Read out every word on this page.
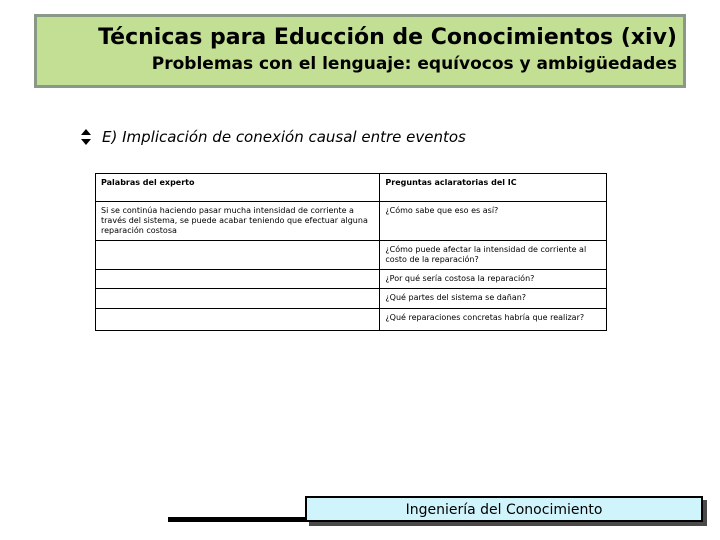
Técnicas para Educción de Conocimientos (xiv)
Problemas con el lenguaje: equívocos y ambigüedades
E) Implicación de conexión causal entre eventos
Palabras del experto	Preguntas aclaratorias del IC
Si se continúa haciendo pasar mucha intensidad de corriente a través del sistema, se puede acabar teniendo que efectuar alguna reparación costosa	¿Cómo sabe que eso es así?
	¿Cómo puede afectar la intensidad de corriente al costo de la reparación?
	¿Por qué sería costosa la reparación?
	¿Qué partes del sistema se dañan?
	¿Qué reparaciones concretas habría que realizar?
Ingeniería del Conocimiento
